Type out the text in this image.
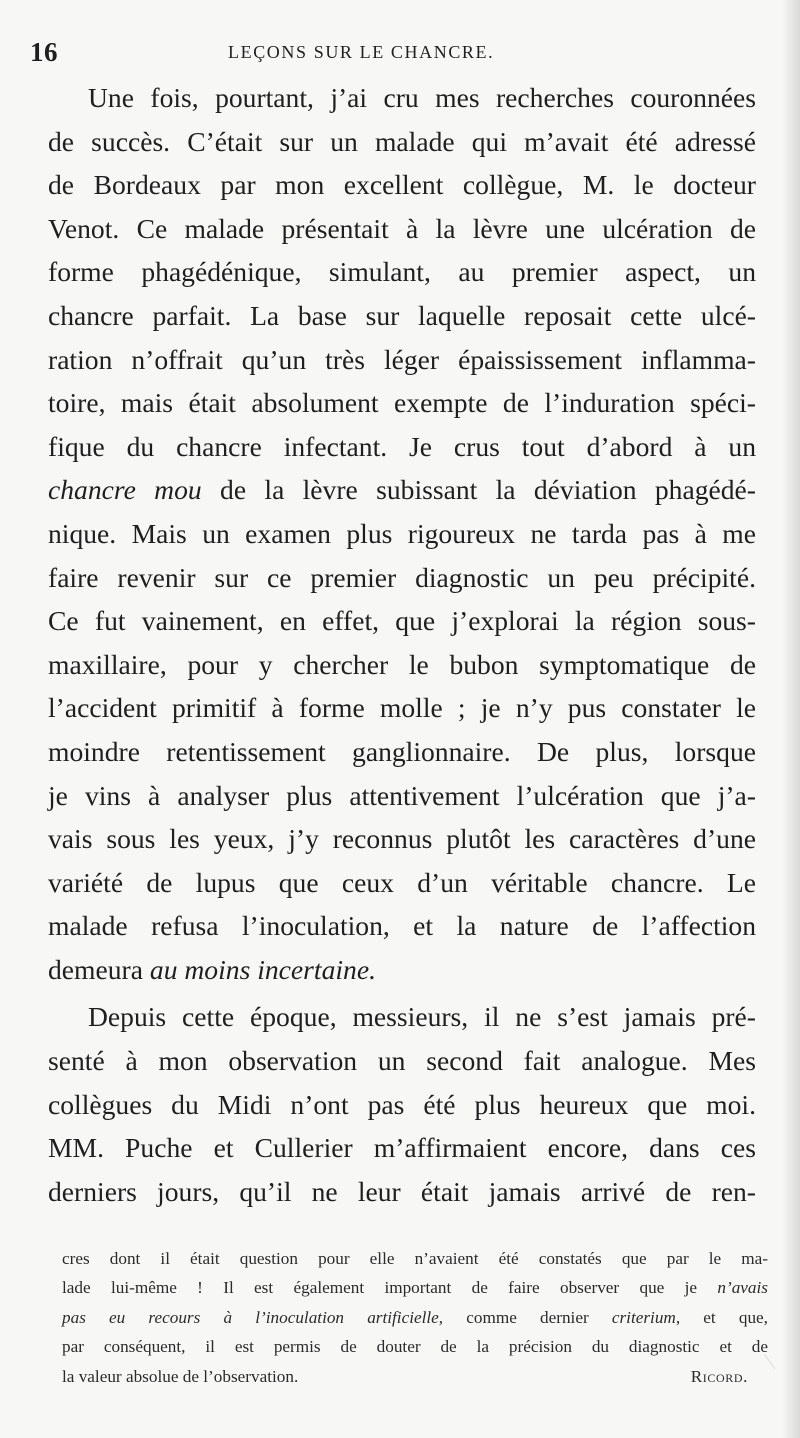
16	LEÇONS SUR LE CHANCRE.

Une fois, pourtant, j’ai cru mes recherches couronnées
de succès. C’était sur un malade qui m’avait été adressé
de Bordeaux par mon excellent collègue, M. le docteur
Venot. Ce malade présentait à la lèvre une ulcération de
forme phagédénique, simulant, au premier aspect, un
chancre parfait. La base sur laquelle reposait cette ulcé-
ration n’offrait qu’un très léger épaississement inflamma-
toire, mais était absolument exempte de l’induration spéci-
fique du chancre infectant. Je crus tout d’abord à un
chancre mou de la lèvre subissant la déviation phagédé-
nique. Mais un examen plus rigoureux ne tarda pas à me
faire revenir sur ce premier diagnostic un peu précipité.
Ce fut vainement, en effet, que j’explorai la région sous-
maxillaire, pour y chercher le bubon symptomatique de
l’accident primitif à forme molle ; je n’y pus constater le
moindre retentissement ganglionnaire. De plus, lorsque
je vins à analyser plus attentivement l’ulcération que j’a-
vais sous les yeux, j’y reconnus plutôt les caractères d’une
variété de lupus que ceux d’un véritable chancre. Le
malade refusa l’inoculation, et la nature de l’affection
demeura au moins incertaine.

Depuis cette époque, messieurs, il ne s’est jamais pré-
senté à mon observation un second fait analogue. Mes
collègues du Midi n’ont pas été plus heureux que moi.
MM. Puche et Cullerier m’affirmaient encore, dans ces
derniers jours, qu’il ne leur était jamais arrivé de ren-

cres dont il était question pour elle n’avaient été constatés que par le ma-
lade lui-même ! Il est également important de faire observer que je n’avais
pas eu recours à l’inoculation artificielle, comme dernier criterium, et que,
par conséquent, il est permis de douter de la précision du diagnostic et de
la valeur absolue de l’observation.	Ricord.
